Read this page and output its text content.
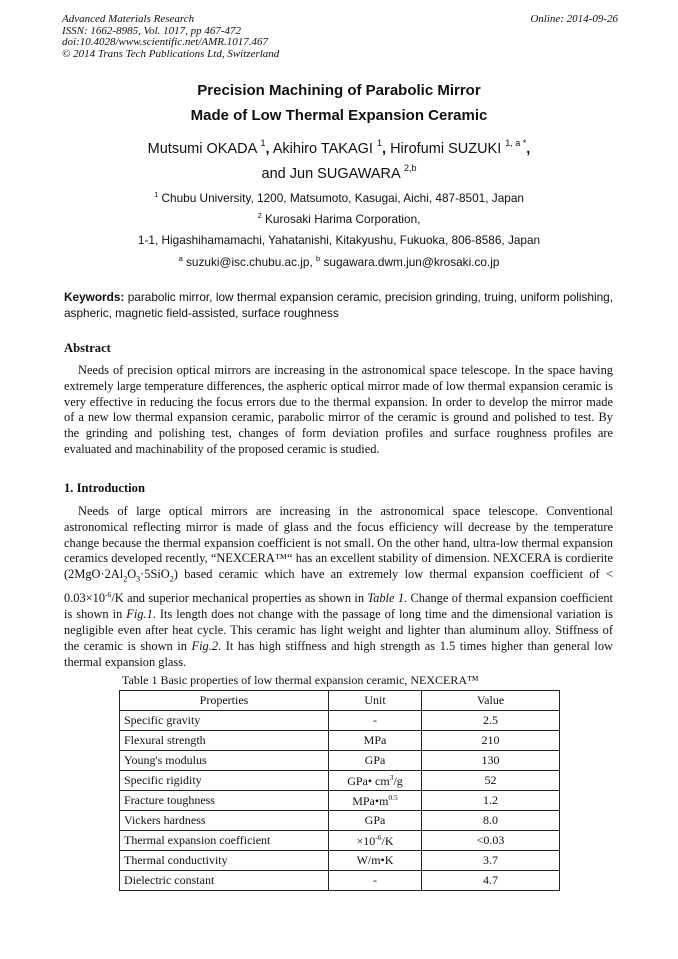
Advanced Materials Research
ISSN: 1662-8985, Vol. 1017, pp 467-472
doi:10.4028/www.scientific.net/AMR.1017.467
© 2014 Trans Tech Publications Ltd, Switzerland
Online: 2014-09-26
Precision Machining of Parabolic Mirror
Made of Low Thermal Expansion Ceramic
Mutsumi OKADA $^1$, Akihiro TAKAGI $^1$, Hirofumi SUZUKI $^{1, a *}$,
and Jun SUGAWARA $^{2,b}$
$^1$ Chubu University, 1200, Matsumoto, Kasugai, Aichi, 487-8501, Japan
$^2$ Kurosaki Harima Corporation,
1-1, Higashihamamachi, Yahatanishi, Kitakyushu, Fukuoka, 806-8586, Japan
$^a$ suzuki@isc.chubu.ac.jp, $^b$ sugawara.dwm.jun@krosaki.co.jp
Keywords: parabolic mirror, low thermal expansion ceramic, precision grinding, truing, uniform polishing, aspheric, magnetic field-assisted, surface roughness
Abstract

Needs of precision optical mirrors are increasing in the astronomical space telescope. In the space having extremely large temperature differences, the aspheric optical mirror made of low thermal expansion ceramic is very effective in reducing the focus errors due to the thermal expansion. In order to develop the mirror made of a new low thermal expansion ceramic, parabolic mirror of the ceramic is ground and polished to test. By the grinding and polishing test, changes of form deviation profiles and surface roughness profiles are evaluated and machinability of the proposed ceramic is studied.

1. Introduction

Needs of large optical mirrors are increasing in the astronomical space telescope. Conventional astronomical reflecting mirror is made of glass and the focus efficiency will decrease by the temperature change because the thermal expansion coefficient is not small. On the other hand, ultra-low thermal expansion ceramics developed recently, “NEXCERA™“ has an excellent stability of dimension. NEXCERA is cordierite $(2MgO\cdot 2Al_2O_3\cdot 5SiO_2)$ based ceramic which have an extremely low thermal expansion coefficient of < $0.03\times 10^{-6}/K$ and superior mechanical properties as shown in Table 1. Change of thermal expansion coefficient is shown in Fig.1. Its length does not change with the passage of long time and the dimensional variation is negligible even after heat cycle. This ceramic has light weight and lighter than aluminum alloy. Stiffness of the ceramic is shown in Fig.2. It has high stiffness and high strength as 1.5 times higher than general low thermal expansion glass.

Table 1 Basic properties of low thermal expansion ceramic, NEXCERA™
Properties	Unit	Value
Specific gravity	-	2.5
Flexural strength	MPa	210
Young's modulus	GPa	130
Specific rigidity	GPa• $cm^3/g$	52
Fracture toughness	$MPa•m^{0.5}$	1.2
Vickers hardness	GPa	8.0
Thermal expansion coefficient	$\times 10^{-6}/K$	<0.03
Thermal conductivity	W/m•K	3.7
Dielectric constant	-	4.7
